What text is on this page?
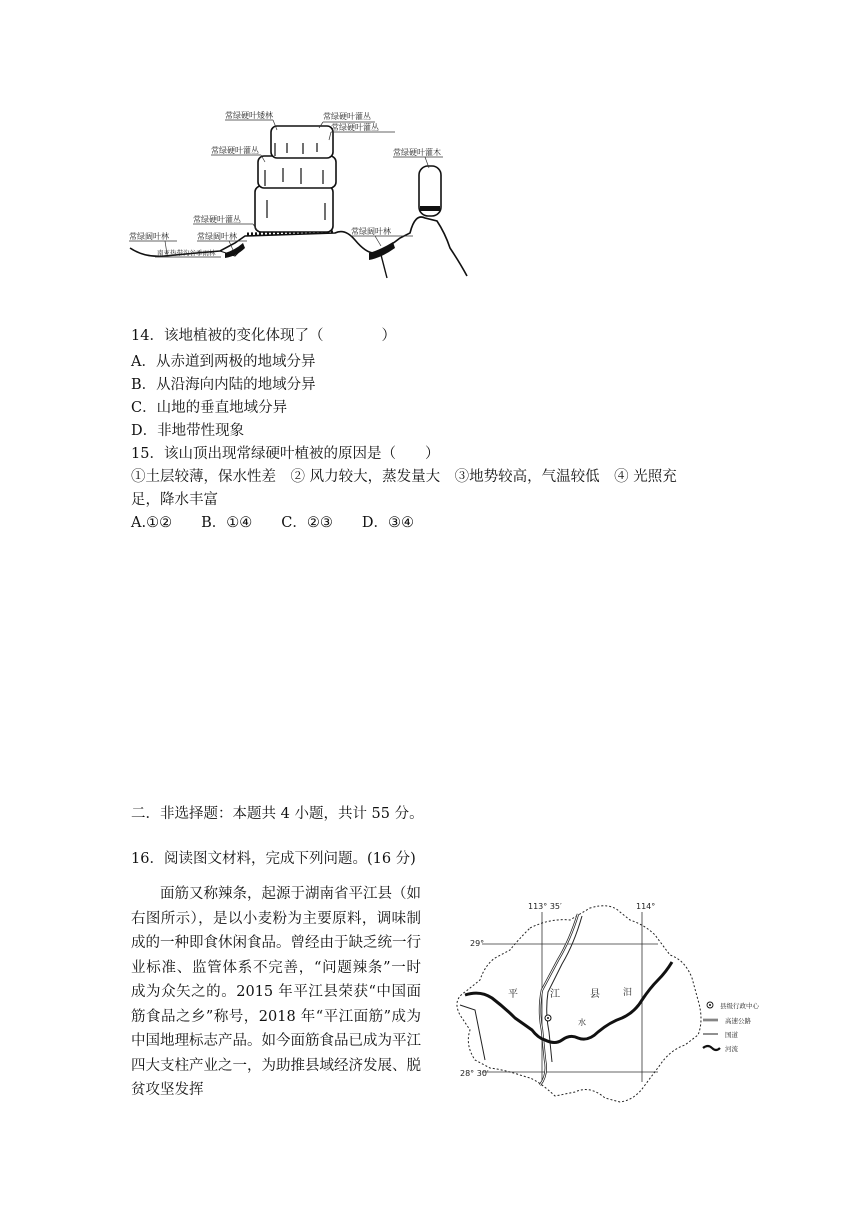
常绿硬叶矮林	常绿硬叶灌丛
常绿硬叶灌丛
常绿硬叶灌丛	常绿硬叶灌木
常绿硬叶灌丛
常绿阔叶林	常绿阔叶林
南亚热带沟谷季雨林
常绿阔叶林
14．该地植被的变化体现了（　　　　）
A．从赤道到两极的地域分异
B．从沿海向内陆的地域分异
C．山地的垂直地域分异
D．非地带性现象
15．该山顶出现常绿硬叶植被的原因是（　　）
①土层较薄，保水性差　② 风力较大，蒸发量大　③地势较高，气温较低　④ 光照充
足，降水丰富
A.①②　　B．①④　　C．②③　　D．③④
二．非选择题：本题共 4 小题，共计 55 分。
16．阅读图文材料，完成下列问题。(16 分)

面筋又称辣条，起源于湖南省平江县（如右图所示），是以小麦粉为主要原料，调味制成的一种即食休闲食品。曾经由于缺乏统一行业标准、监管体系不完善，“问题辣条”一时成为众矢之的。2015 年平江县荣获“中国面筋食品之乡”称号，2018 年“平江面筋”成为中国地理标志产品。如今面筋食品已成为平江四大支柱产业之一，为助推县域经济发展、脱贫攻坚发挥

113° 35′	114°
29°
28° 30′
平	江	县	汨
水
县级行政中心
高速公路
国道
河流
